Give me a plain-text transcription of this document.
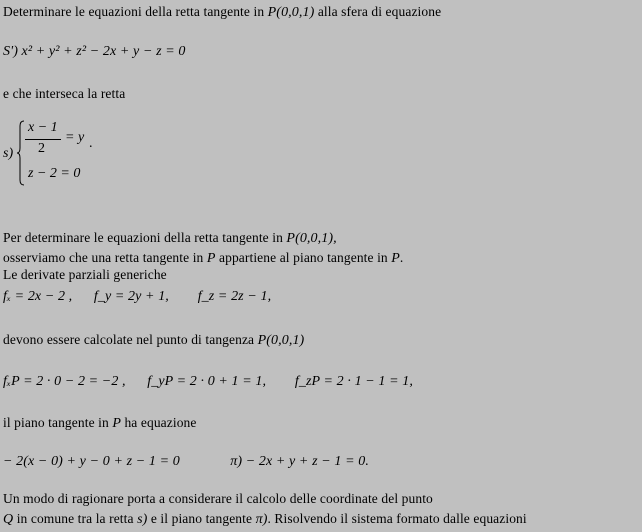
Determinare le equazioni della retta tangente in P(0,0,1) alla sfera di equazione
S') x² + y² + z² − 2x + y − z = 0
e che interseca la retta
s)
x − 1
2
= y .
z − 2 = 0
Per determinare le equazioni della retta tangente in P(0,0,1),
osserviamo che una retta tangente in P appartiene al piano tangente in P.
Le derivate parziali generiche
fₓ = 2x − 2 ,      f_y = 2y + 1,        f_z = 2z − 1,
devono essere calcolate nel punto di tangenza P(0,0,1)
fₓP = 2 · 0 − 2 = −2 ,      f_yP = 2 · 0 + 1 = 1,        f_zP = 2 · 1 − 1 = 1,
il piano tangente in P ha equazione
− 2(x − 0) + y − 0 + z − 1 = 0              π) − 2x + y + z − 1 = 0.
Un modo di ragionare porta a considerare il calcolo delle coordinate del punto
Q in comune tra la retta s) e il piano tangente π). Risolvendo il sistema formato dalle equazioni
